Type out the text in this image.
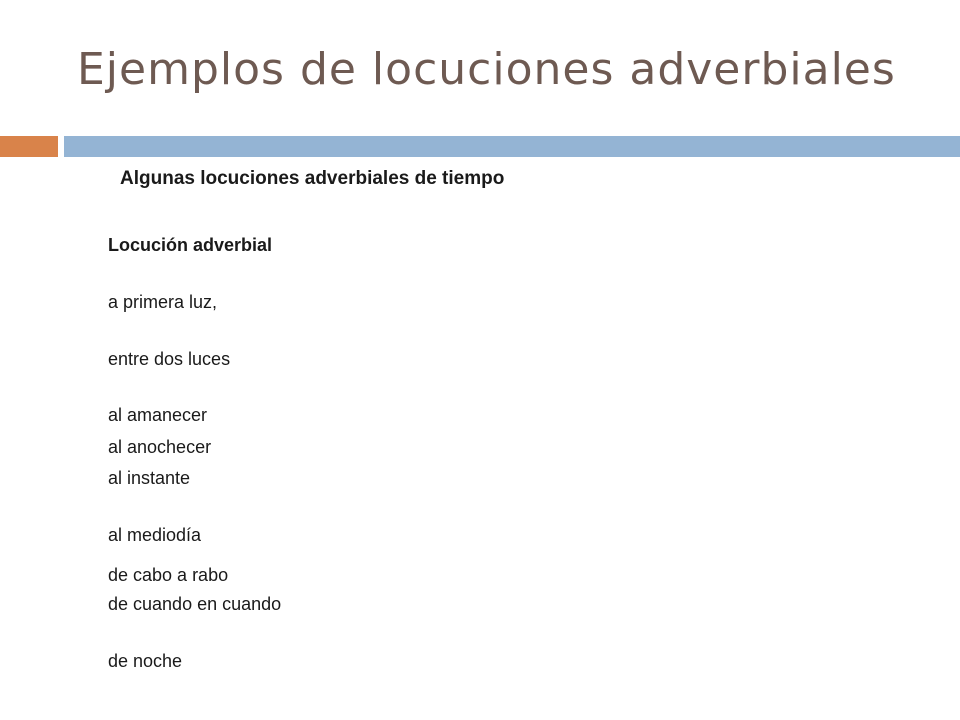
Ejemplos de locuciones adverbiales
Algunas locuciones adverbiales de tiempo
Locución adverbial
a primera luz,
entre dos luces
al amanecer
al anochecer
al instante
al mediodía
de cabo a rabo
de cuando en cuando
de noche
